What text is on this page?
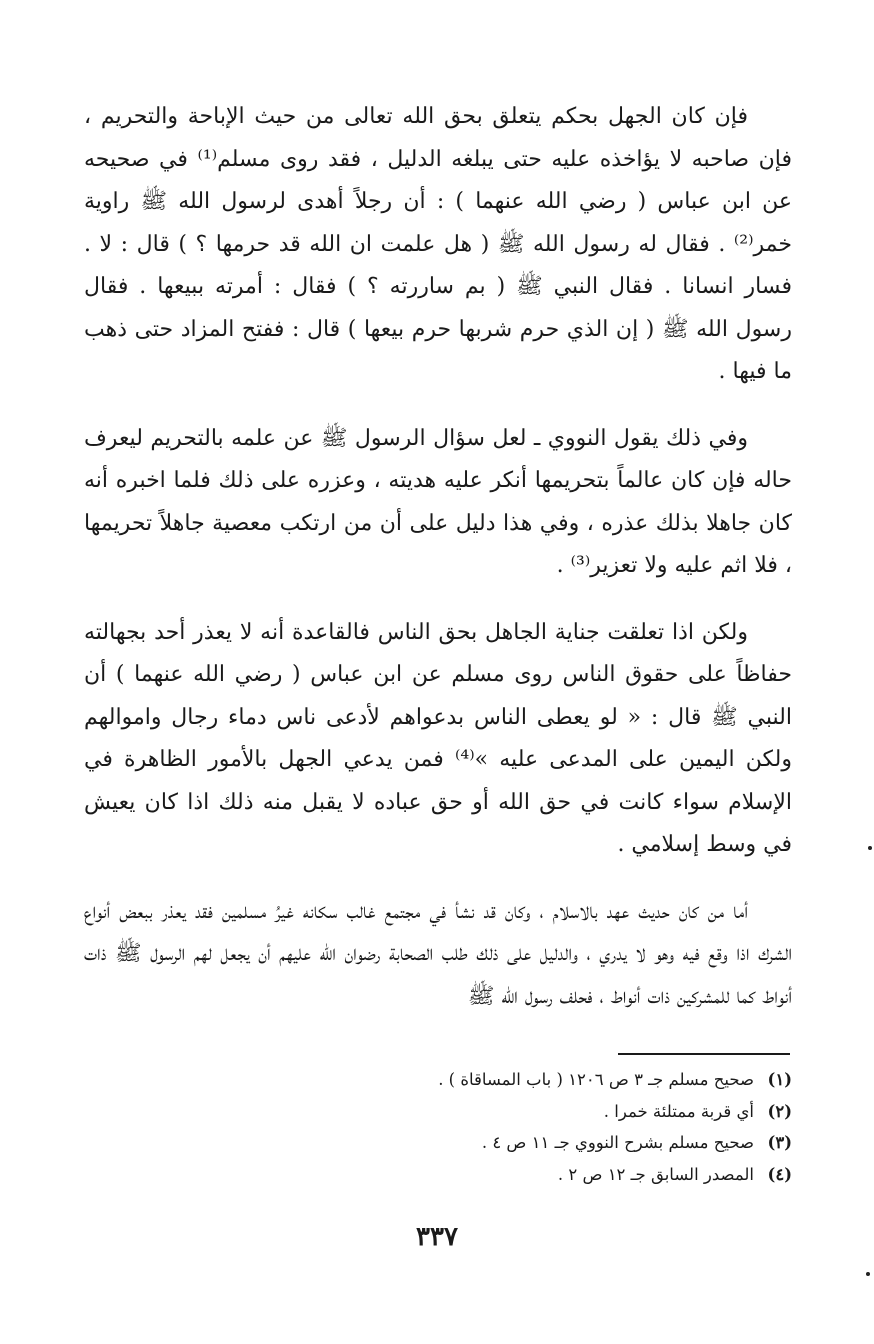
فإن كان الجهل بحكم يتعلق بحق الله تعالى من حيث الإباحة والتحريم ، فإن صاحبه لا يؤاخذه عليه حتى يبلغه الدليل ، فقد روى مسلم⁽¹⁾ في صحيحه عن ابن عباس ( رضي الله عنهما ) : أن رجلاً أهدى لرسول الله ﷺ راوية خمر⁽²⁾ . فقال له رسول الله ﷺ ( هل علمت ان الله قد حرمها ؟ ) قال : لا . فسار انسانا . فقال النبي ﷺ ( بم ساررته ؟ ) فقال : أمرته ببيعها . فقال رسول الله ﷺ ( إن الذي حرم شربها حرم بيعها ) قال : ففتح المزاد حتى ذهب ما فيها .

وفي ذلك يقول النووي ـ لعل سؤال الرسول ﷺ عن علمه بالتحريم ليعرف حاله فإن كان عالماً بتحريمها أنكر عليه هديته ، وعزره على ذلك فلما اخبره أنه كان جاهلا بذلك عذره ، وفي هذا دليل على أن من ارتكب معصية جاهلاً تحريمها ، فلا اثم عليه ولا تعزير⁽³⁾ .

ولكن اذا تعلقت جناية الجاهل بحق الناس فالقاعدة أنه لا يعذر أحد بجهالته حفاظاً على حقوق الناس روى مسلم عن ابن عباس ( رضي الله عنهما ) أن النبي ﷺ قال : « لو يعطى الناس بدعواهم لأدعى ناس دماء رجال واموالهم ولكن اليمين على المدعى عليه »⁽⁴⁾ فمن يدعي الجهل بالأمور الظاهرة في الإسلام سواء كانت في حق الله أو حق عباده لا يقبل منه ذلك اذا كان يعيش في وسط إسلامي .

أما من كان حديث عهد بالاسلام ، وكان قد نشأ في مجتمع غالب سكانه غيرُ مسلمين فقد يعذر ببعض أنواع الشرك اذا وقع فيه وهو لا يدري ، والدليل على ذلك طلب الصحابة رضوان الله عليهم أن يجعل لهم الرسول ﷺ ذات أنواط كما للمشركين ذات أنواط ، فحلف رسول الله ﷺ

(١)
صحيح مسلم جـ ٣ ص ١٢٠٦ ( باب المساقاة ) .
(٢)
أي قربة ممتلئة خمرا .
(٣)
صحيح مسلم بشرح النووي جـ ١١ ص ٤ .
(٤)
المصدر السابق جـ ١٢ ص ٢ .
٣٣٧
